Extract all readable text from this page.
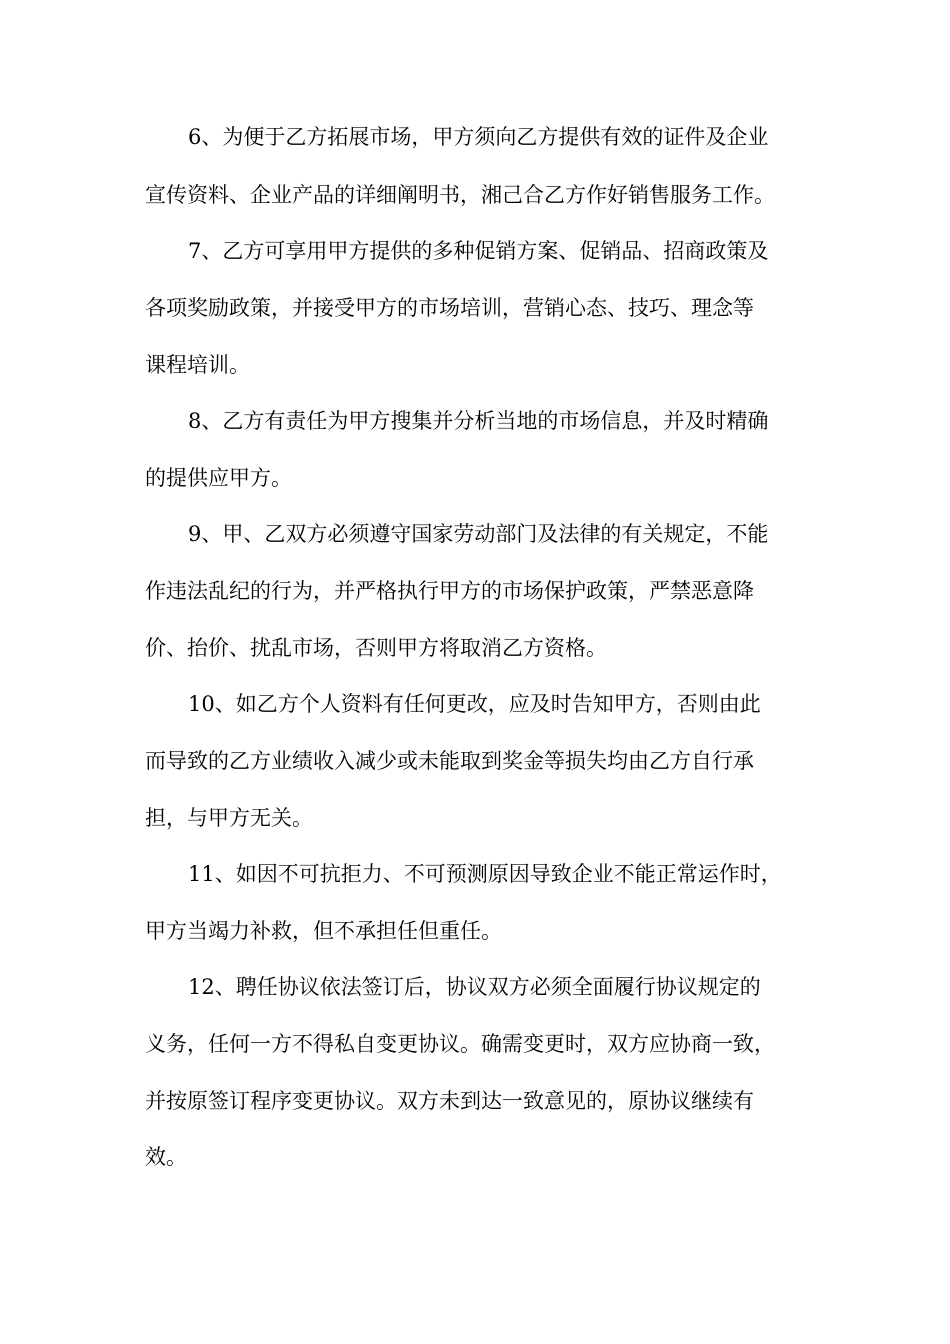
6、为便于乙方拓展市场，甲方须向乙方提供有效的证件及企业
宣传资料、企业产品的详细阐明书，湘己合乙方作好销售服务工作。
7、乙方可享用甲方提供的多种促销方案、促销品、招商政策及
各项奖励政策，并接受甲方的市场培训，营销心态、技巧、理念等
课程培训。
8、乙方有责任为甲方搜集并分析当地的市场信息，并及时精确
的提供应甲方。
9、甲、乙双方必须遵守国家劳动部门及法律的有关规定，不能
作违法乱纪的行为，并严格执行甲方的市场保护政策，严禁恶意降
价、抬价、扰乱市场，否则甲方将取消乙方资格。
10、如乙方个人资料有任何更改，应及时告知甲方，否则由此
而导致的乙方业绩收入减少或未能取到奖金等损失均由乙方自行承
担，与甲方无关。
11、如因不可抗拒力、不可预测原因导致企业不能正常运作时，
甲方当竭力补救，但不承担任但重任。
12、聘任协议依法签订后，协议双方必须全面履行协议规定的
义务，任何一方不得私自变更协议。确需变更时，双方应协商一致，
并按原签订程序变更协议。双方未到达一致意见的，原协议继续有
效。
